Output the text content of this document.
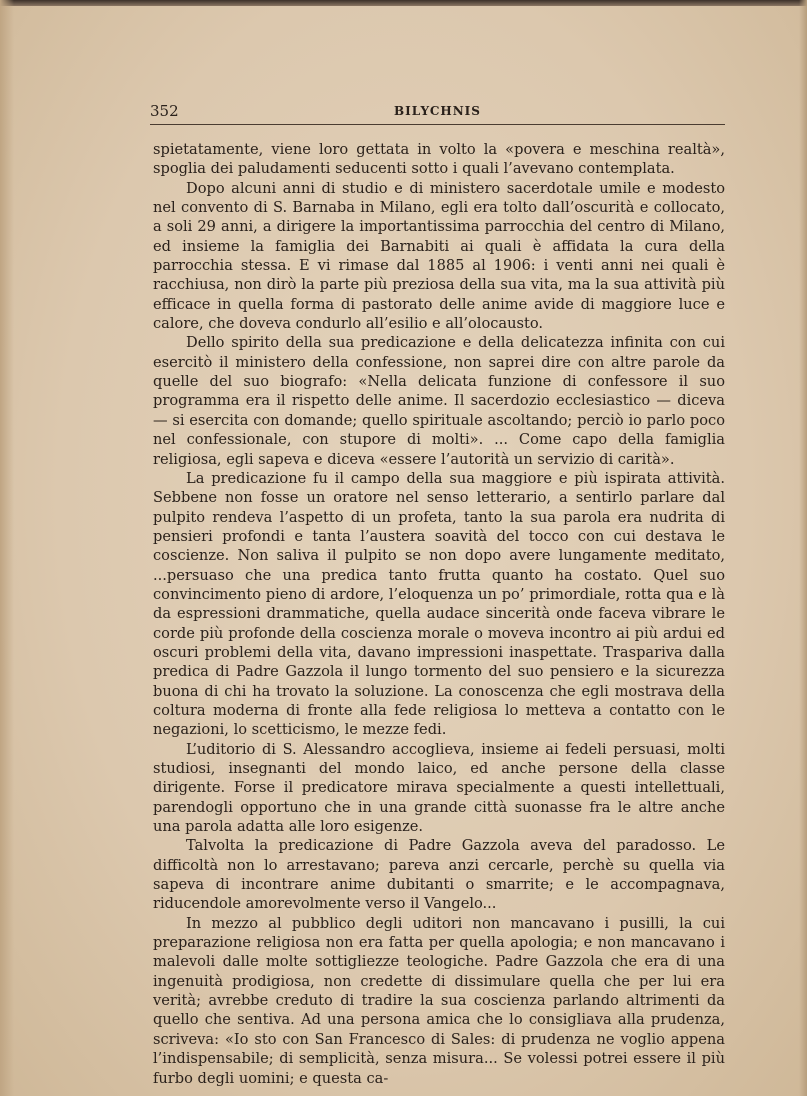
352	BILYCHNIS

spietatamente, viene loro gettata in volto la «povera e meschina realtà», spoglia dei paludamenti seducenti sotto i quali l’avevano contemplata.

Dopo alcuni anni di studio e di ministero sacerdotale umile e modesto nel convento di S. Barnaba in Milano, egli era tolto dall’oscurità e collocato, a soli 29 anni, a dirigere la importantissima parrocchia del centro di Milano, ed insieme la famiglia dei Barnabiti ai quali è affidata la cura della parrocchia stessa. E vi rimase dal 1885 al 1906: i venti anni nei quali è racchiusa, non dirò la parte più preziosa della sua vita, ma la sua attività più efficace in quella forma di pastorato delle anime avide di maggiore luce e calore, che doveva condurlo all’esilio e all’olocausto.

Dello spirito della sua predicazione e della delicatezza infinita con cui esercitò il ministero della confessione, non saprei dire con altre parole da quelle del suo biografo: «Nella delicata funzione di confessore il suo programma era il rispetto delle anime. Il sacerdozio ecclesiastico — diceva — si esercita con domande; quello spirituale ascoltando; perciò io parlo poco nel confessionale, con stupore di molti». ... Come capo della famiglia religiosa, egli sapeva e diceva «essere l’autorità un servizio di carità».

La predicazione fu il campo della sua maggiore e più ispirata attività. Sebbene non fosse un oratore nel senso letterario, a sentirlo parlare dal pulpito rendeva l’aspetto di un profeta, tanto la sua parola era nudrita di pensieri profondi e tanta l’austera soavità del tocco con cui destava le coscienze. Non saliva il pulpito se non dopo avere lungamente meditato, ...persuaso che una predica tanto frutta quanto ha costato. Quel suo convincimento pieno di ardore, l’eloquenza un po’ primordiale, rotta qua e là da espressioni drammatiche, quella audace sincerità onde faceva vibrare le corde più profonde della coscienza morale o moveva incontro ai più ardui ed oscuri problemi della vita, davano impressioni inaspettate. Traspariva dalla predica di Padre Gazzola il lungo tormento del suo pensiero e la sicurezza buona di chi ha trovato la soluzione. La conoscenza che egli mostrava della coltura moderna di fronte alla fede religiosa lo metteva a contatto con le negazioni, lo scetticismo, le mezze fedi.

L’uditorio di S. Alessandro accoglieva, insieme ai fedeli persuasi, molti studiosi, insegnanti del mondo laico, ed anche persone della classe dirigente. Forse il predicatore mirava specialmente a questi intellettuali, parendogli opportuno che in una grande città suonasse fra le altre anche una parola adatta alle loro esigenze.

Talvolta la predicazione di Padre Gazzola aveva del paradosso. Le difficoltà non lo arrestavano; pareva anzi cercarle, perchè su quella via sapeva di incontrare anime dubitanti o smarrite; e le accompagnava, riducendole amorevolmente verso il Vangelo...

In mezzo al pubblico degli uditori non mancavano i pusilli, la cui preparazione religiosa non era fatta per quella apologia; e non mancavano i malevoli dalle molte sottigliezze teologiche. Padre Gazzola che era di una ingenuità prodigiosa, non credette di dissimulare quella che per lui era verità; avrebbe creduto di tradire la sua coscienza parlando altrimenti da quello che sentiva. Ad una persona amica che lo consigliava alla prudenza, scriveva: «Io sto con San Francesco di Sales: di prudenza ne voglio appena l’indispensabile; di semplicità, senza misura... Se volessi potrei essere il più furbo degli uomini; e questa ca-
